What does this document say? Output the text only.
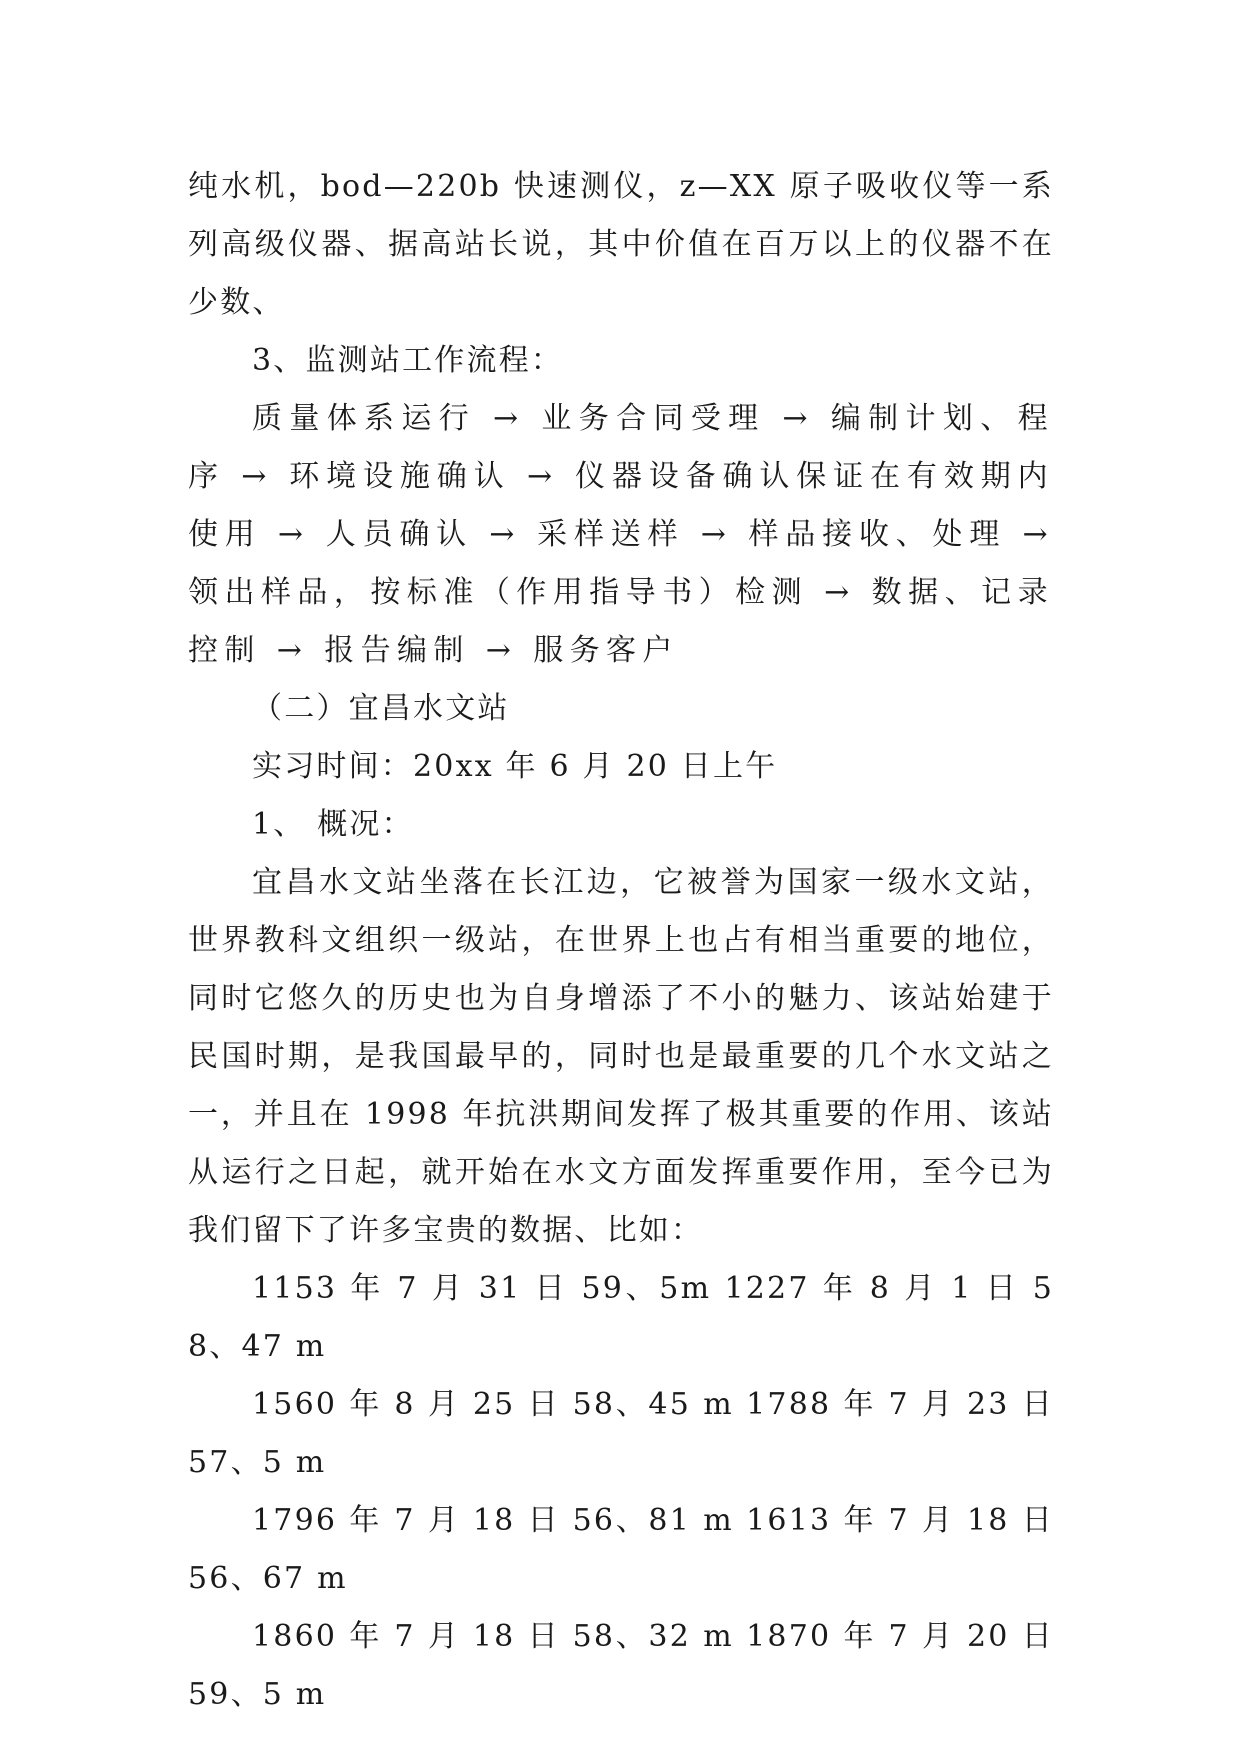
纯水机，bod—220b 快速测仪，z—XX 原子吸收仪等一系列高级仪器、据高站长说，其中价值在百万以上的仪器不在少数、

3、监测站工作流程：

质量体系运行 → 业务合同受理 → 编制计划、程序 → 环境设施确认 → 仪器设备确认保证在有效期内使用 → 人员确认 → 采样送样 → 样品接收、处理 → 领出样品，按标准（作用指导书）检测 → 数据、记录控制 → 报告编制 → 服务客户

（二）宜昌水文站

实习时间：20xx 年 6 月 20 日上午

1、 概况：

宜昌水文站坐落在长江边，它被誉为国家一级水文站，世界教科文组织一级站，在世界上也占有相当重要的地位，同时它悠久的历史也为自身增添了不小的魅力、该站始建于民国时期，是我国最早的，同时也是最重要的几个水文站之一，并且在 1998 年抗洪期间发挥了极其重要的作用、该站从运行之日起，就开始在水文方面发挥重要作用，至今已为我们留下了许多宝贵的数据、比如：

1153 年 7 月 31 日 59、5m 1227 年 8 月 1 日 58、47 m

1560 年 8 月 25 日 58、45 m 1788 年 7 月 23 日 57、5 m

1796 年 7 月 18 日 56、81 m 1613 年 7 月 18 日 56、67 m

1860 年 7 月 18 日 58、32 m 1870 年 7 月 20 日 59、5 m
